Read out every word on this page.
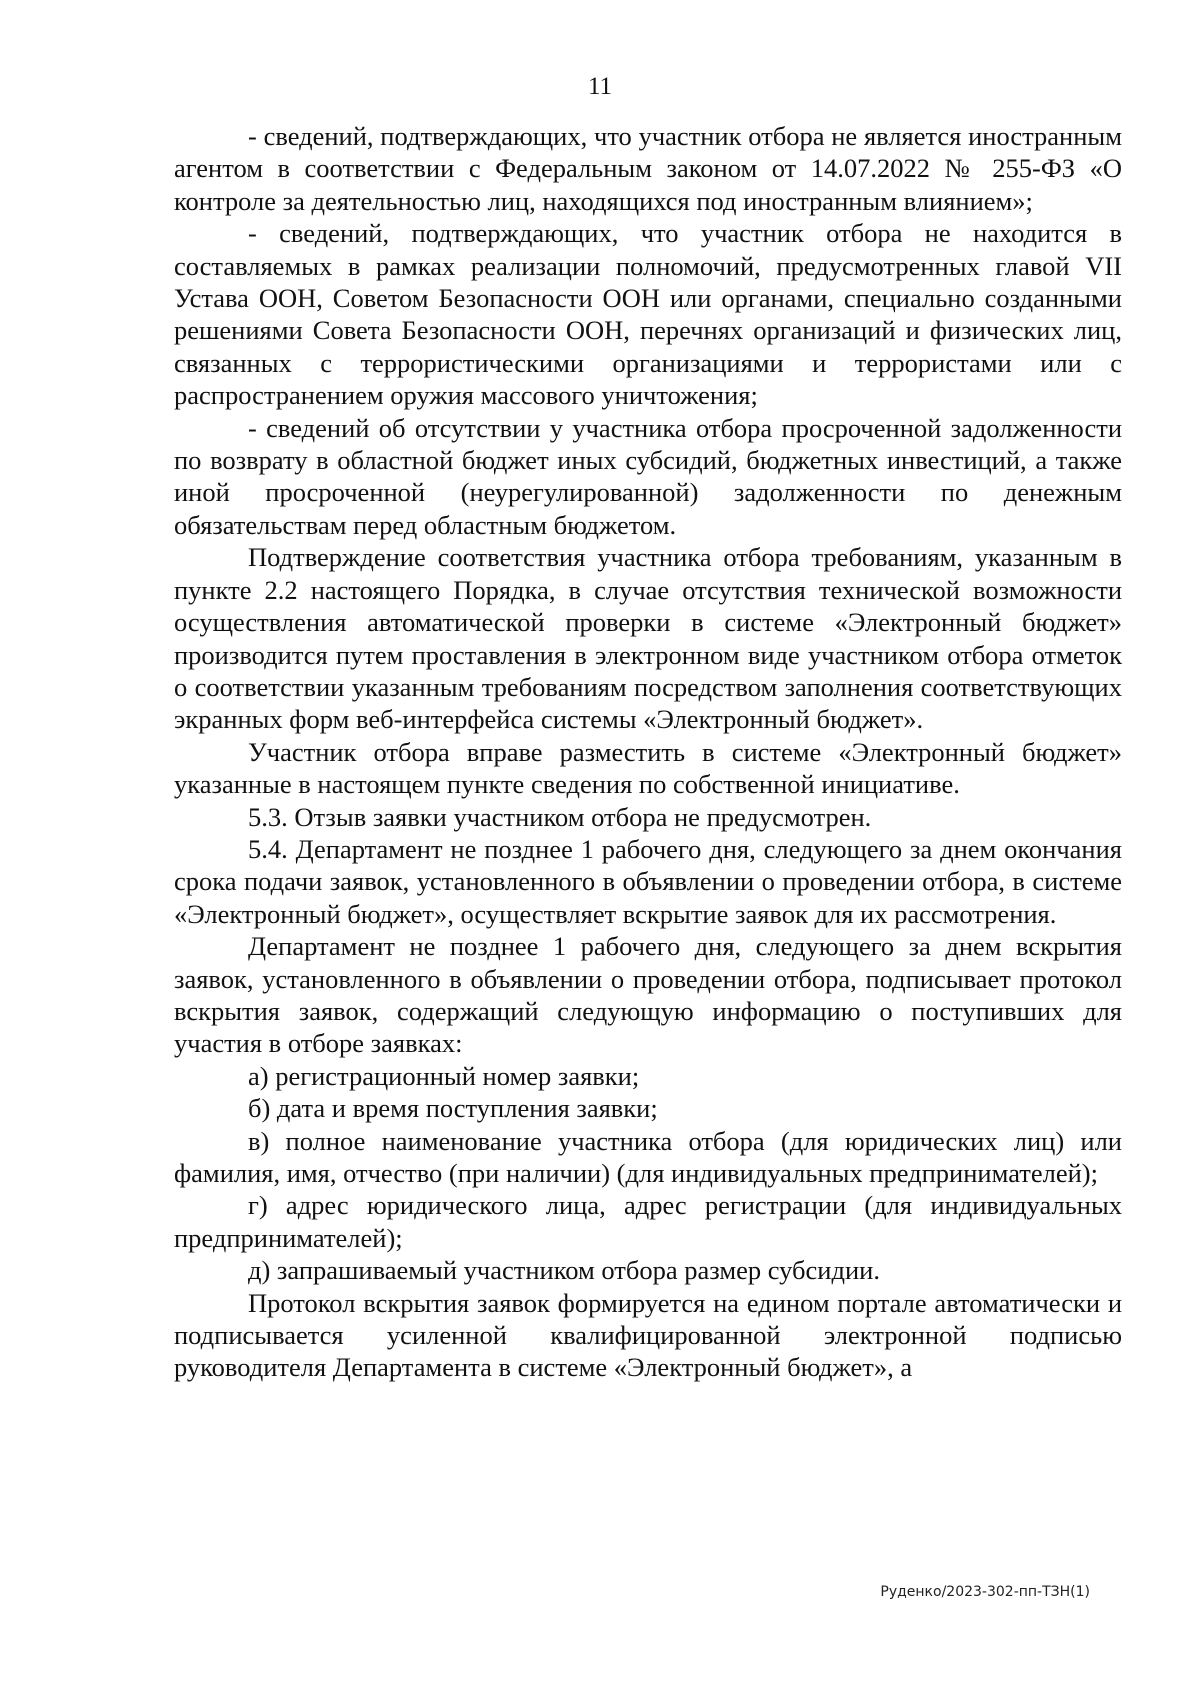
11

- сведений, подтверждающих, что участник отбора не является иностранным агентом в соответствии с Федеральным законом от 14.07.2022 № 255-ФЗ «О контроле за деятельностью лиц, находящихся под иностранным влиянием»;

- сведений, подтверждающих, что участник отбора не находится в составляемых в рамках реализации полномочий, предусмотренных главой VII Устава ООН, Советом Безопасности ООН или органами, специально созданными решениями Совета Безопасности ООН, перечнях организаций и физических лиц, связанных с террористическими организациями и террористами или с распространением оружия массового уничтожения;

- сведений об отсутствии у участника отбора просроченной задолженности по возврату в областной бюджет иных субсидий, бюджетных инвестиций, а также иной просроченной (неурегулированной) задолженности по денежным обязательствам перед областным бюджетом.

Подтверждение соответствия участника отбора требованиям, указанным в пункте 2.2 настоящего Порядка, в случае отсутствия технической возможности осуществления автоматической проверки в системе «Электронный бюджет» производится путем проставления в электронном виде участником отбора отметок о соответствии указанным требованиям посредством заполнения соответствующих экранных форм веб-интерфейса системы «Электронный бюджет».

Участник отбора вправе разместить в системе «Электронный бюджет» указанные в настоящем пункте сведения по собственной инициативе.

5.3. Отзыв заявки участником отбора не предусмотрен.

5.4. Департамент не позднее 1 рабочего дня, следующего за днем окончания срока подачи заявок, установленного в объявлении о проведении отбора, в системе «Электронный бюджет», осуществляет вскрытие заявок для их рассмотрения.

Департамент не позднее 1 рабочего дня, следующего за днем вскрытия заявок, установленного в объявлении о проведении отбора, подписывает протокол вскрытия заявок, содержащий следующую информацию о поступивших для участия в отборе заявках:

а) регистрационный номер заявки;

б) дата и время поступления заявки;

в) полное наименование участника отбора (для юридических лиц) или фамилия, имя, отчество (при наличии) (для индивидуальных предпринимателей);

г) адрес юридического лица, адрес регистрации (для индивидуальных предпринимателей);

д) запрашиваемый участником отбора размер субсидии.

Протокол вскрытия заявок формируется на едином портале автоматически и подписывается усиленной квалифицированной электронной подписью руководителя Департамента в системе «Электронный бюджет», а

Руденко/2023-302-пп-ТЗН(1)
